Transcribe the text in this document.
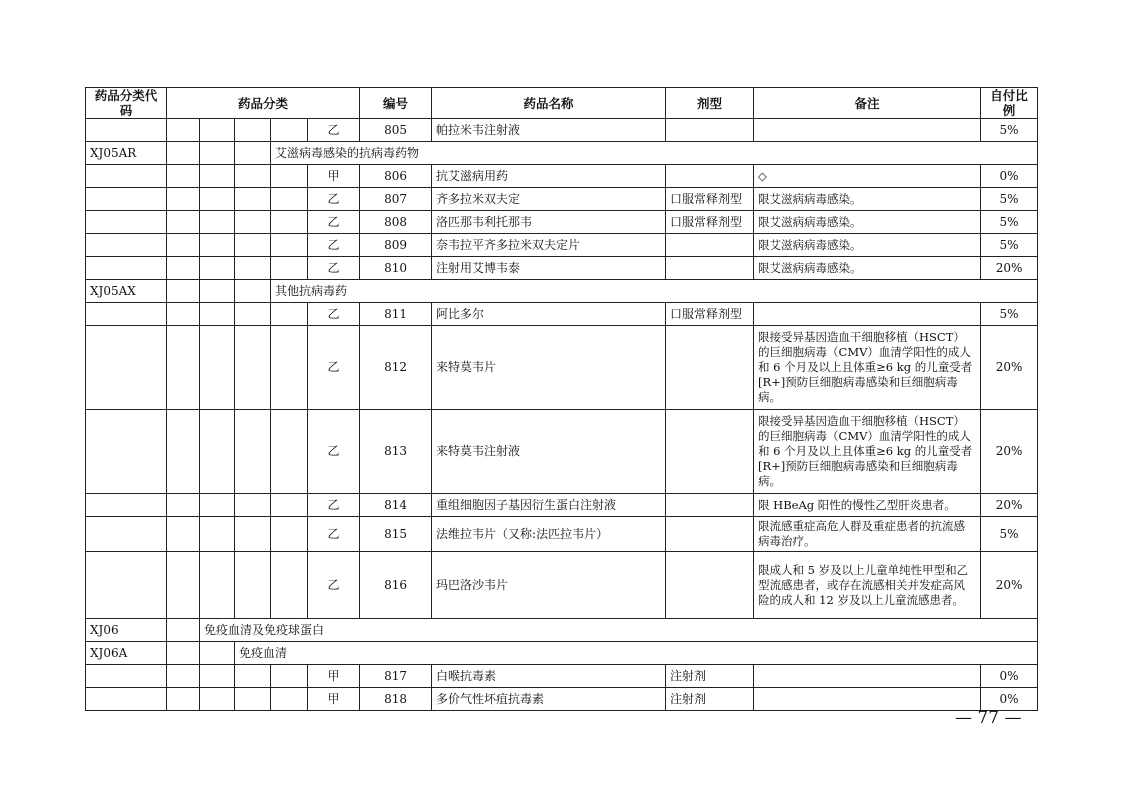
药品分类代码	药品分类					编号	药品名称	剂型	备注	自付比例
					乙	805	帕拉米韦注射液			5%
XJ05AR				艾滋病毒感染的抗病毒药物						
					甲	806	抗艾滋病用药		◇	0%
					乙	807	齐多拉米双夫定	口服常释剂型	限艾滋病病毒感染。	5%
					乙	808	洛匹那韦利托那韦	口服常释剂型	限艾滋病病毒感染。	5%
					乙	809	奈韦拉平齐多拉米双夫定片		限艾滋病病毒感染。	5%
					乙	810	注射用艾博韦泰		限艾滋病病毒感染。	20%
XJ05AX				其他抗病毒药						
					乙	811	阿比多尔	口服常释剂型		5%
					乙	812	来特莫韦片		限接受异基因造血干细胞移植（HSCT）的巨细胞病毒（CMV）血清学阳性的成人和 6 个月及以上且体重≥6 kg 的儿童受者[R+]预防巨细胞病毒感染和巨细胞病毒病。	20%
					乙	813	来特莫韦注射液		限接受异基因造血干细胞移植（HSCT）的巨细胞病毒（CMV）血清学阳性的成人和 6 个月及以上且体重≥6 kg 的儿童受者[R+]预防巨细胞病毒感染和巨细胞病毒病。	20%
					乙	814	重组细胞因子基因衍生蛋白注射液		限 HBeAg 阳性的慢性乙型肝炎患者。	20%
					乙	815	法维拉韦片（又称:法匹拉韦片）		限流感重症高危人群及重症患者的抗流感病毒治疗。	5%
					乙	816	玛巴洛沙韦片		限成人和 5 岁及以上儿童单纯性甲型和乙型流感患者，或存在流感相关并发症高风险的成人和 12 岁及以上儿童流感患者。	20%
XJ06		免疫血清及免疫球蛋白								
XJ06A			免疫血清							
					甲	817	白喉抗毒素	注射剂		0%
					甲	818	多价气性坏疽抗毒素	注射剂		0%
— 77 —
